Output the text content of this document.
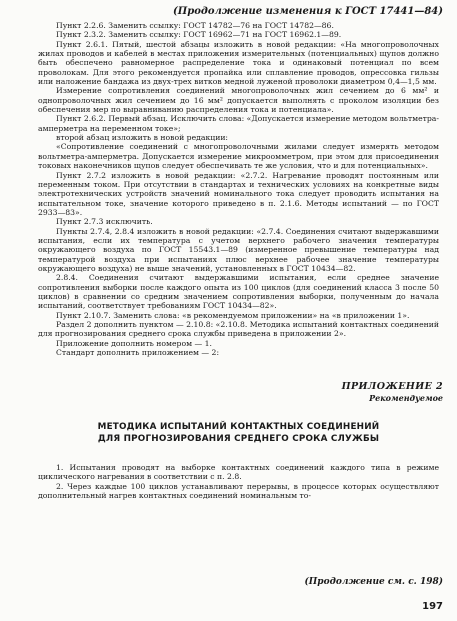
(Продолжение изменения к ГОСТ 17441—84)

Пункт 2.2.6. Заменить ссылку: ГОСТ 14782—76 на ГОСТ 14782—86.

Пункт 2.3.2. Заменить ссылку: ГОСТ 16962—71 на ГОСТ 16962.1—89.

Пункт 2.6.1. Пятый, шестой абзацы изложить в новой редакции: «На многопроволочных жилах проводов и кабелей в местах приложения измерительных (потенциальных) щупов должно быть обеспечено равномерное распределение тока и одинаковый потенциал по всем проволокам. Для этого рекомендуется пропайка или сплавление проводов, опрессовка гильзы или наложение бандажа из двух-трех витков медной луженой проволоки диаметром 0,4—1,5 мм.

Измерение сопротивления соединений многопроволочных жил сечением до 6 мм² и однопроволочных жил сечением до 16 мм² допускается выполнять с проколом изоляции без обеспечения мер по выравниванию распределения тока и потенциала».

Пункт 2.6.2. Первый абзац. Исключить слова: «Допускается измерение методом вольтметра-амперметра на переменном токе»;

второй абзац изложить в новой редакции:

«Сопротивление соединений с многопроволочными жилами следует измерять методом вольтметра-амперметра. Допускается измерение микроомметром, при этом для присоединения токовых наконечников щупов следует обеспечивать те же условия, что и для потенциальных».

Пункт 2.7.2 изложить в новой редакции: «2.7.2. Нагревание проводят постоянным или переменным током. При отсутствии в стандартах и технических условиях на конкретные виды электротехнических устройств значений номинального тока следует проводить испытания на испытательном токе, значение которого приведено в п. 2.1.6. Методы испытаний — по ГОСТ 2933—83».

Пункт 2.7.3 исключить.

Пункты 2.7.4, 2.8.4 изложить в новой редакции: «2.7.4. Соединения считают выдержавшими испытания, если их температура с учетом верхнего рабочего значения температуры окружающего воздуха по ГОСТ 15543.1—89 (измеренное превышение температуры над температурой воздуха при испытаниях плюс верхнее рабочее значение температуры окружающего воздуха) не выше значений, установленных в ГОСТ 10434—82.

2.8.4. Соединения считают выдержавшими испытания, если среднее значение сопротивления выборки после каждого опыта из 100 циклов (для соединений класса 3 после 50 циклов) в сравнении со средним значением сопротивления выборки, полученным до начала испытаний, соответствует требованиям ГОСТ 10434—82».

Пункт 2.10.7. Заменить слова: «в рекомендуемом приложении» на «в приложении 1».

Раздел 2 дополнить пунктом — 2.10.8: «2.10.8. Методика испытаний контактных соединений для прогнозирования среднего срока службы приведена в приложении 2».

Приложение дополнить номером — 1.

Стандарт дополнить приложением — 2:

ПРИЛОЖЕНИЕ 2
Рекомендуемое
МЕТОДИКА ИСПЫТАНИЙ КОНТАКТНЫХ СОЕДИНЕНИЙ
ДЛЯ ПРОГНОЗИРОВАНИЯ СРЕДНЕГО СРОКА СЛУЖБЫ

1. Испытания проводят на выборке контактных соединений каждого типа в режиме циклического нагревания в соответствии с п. 2.8.

2. Через каждые 100 циклов устанавливают перерывы, в процессе которых осуществляют дополнительный нагрев контактных соединений номинальным то-

(Продолжение см. с. 198)
197
